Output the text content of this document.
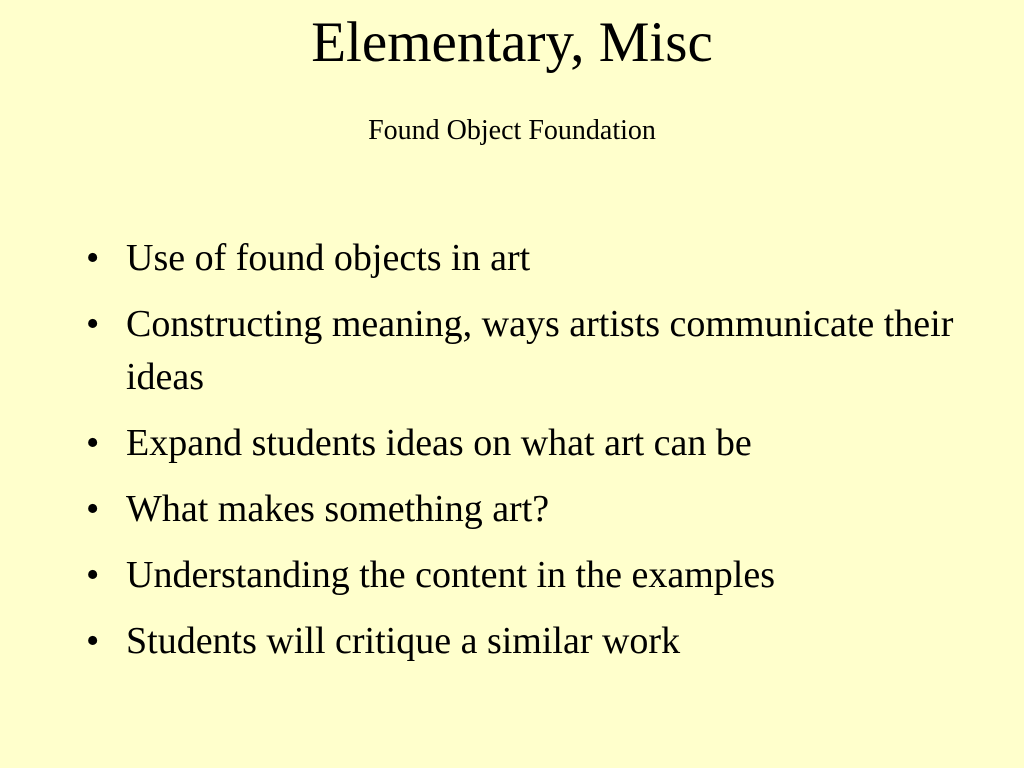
Elementary, Misc
Found Object Foundation
• Use of found objects in art
• Constructing meaning, ways artists communicate their ideas
• Expand students ideas on what art can be
• What makes something art?
• Understanding the content in the examples
• Students will critique a similar work
